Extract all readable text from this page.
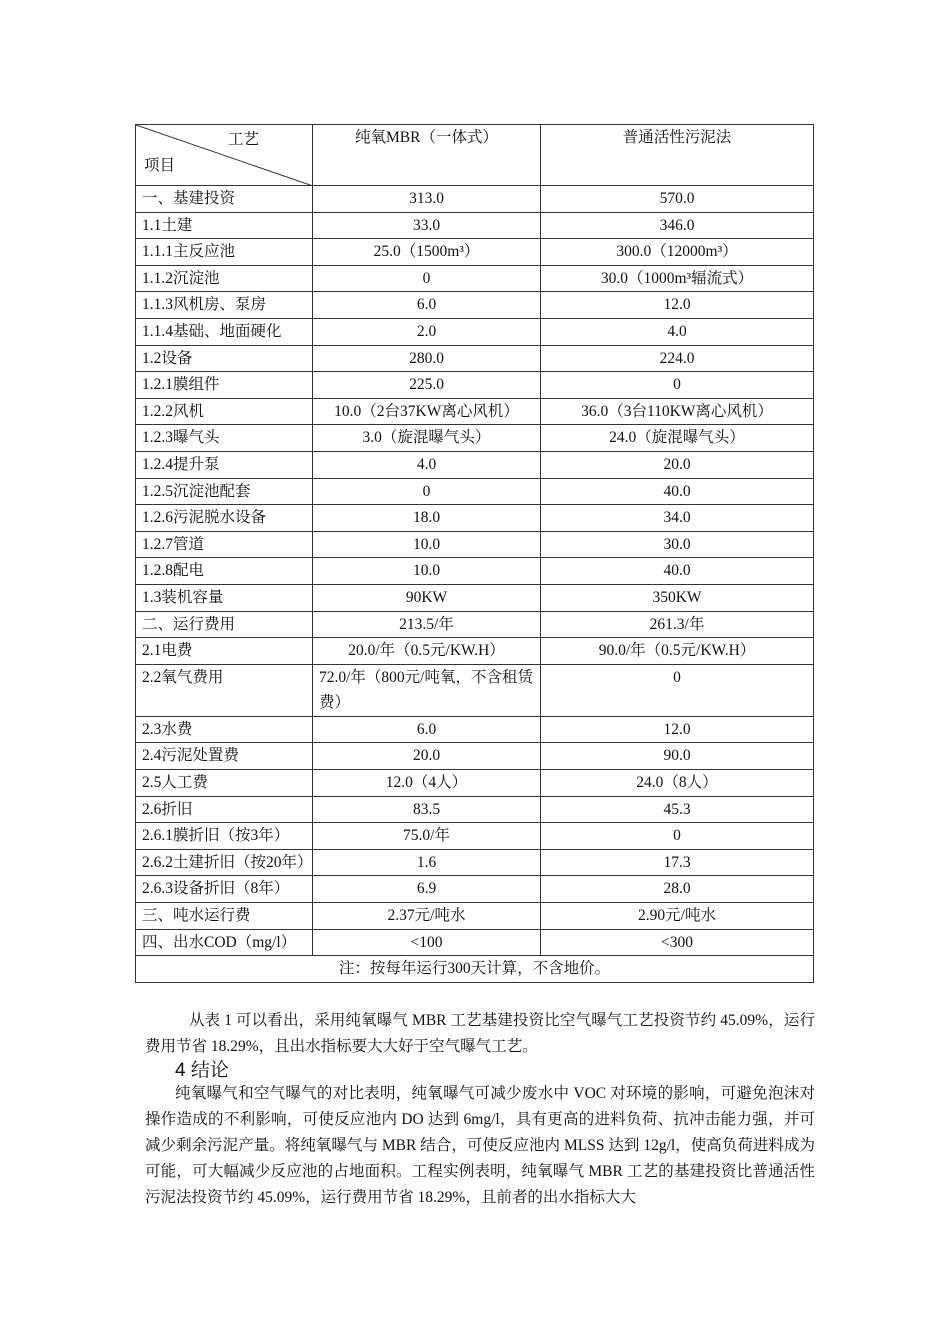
工艺
项目	纯氧MBR（一体式）	普通活性污泥法
一、基建投资	313.0	570.0
1.1土建	33.0	346.0
1.1.1主反应池	25.0（1500m³）	300.0（12000m³）
1.1.2沉淀池	0	30.0（1000m³辐流式）
1.1.3风机房、泵房	6.0	12.0
1.1.4基础、地面硬化	2.0	4.0
1.2设备	280.0	224.0
1.2.1膜组件	225.0	0
1.2.2风机	10.0（2台37KW离心风机）	36.0（3台110KW离心风机）
1.2.3曝气头	3.0（旋混曝气头）	24.0（旋混曝气头）
1.2.4提升泵	4.0	20.0
1.2.5沉淀池配套	0	40.0
1.2.6污泥脱水设备	18.0	34.0
1.2.7管道	10.0	30.0
1.2.8配电	10.0	40.0
1.3装机容量	90KW	350KW
二、运行费用	213.5/年	261.3/年
2.1电费	20.0/年（0.5元/KW.H）	90.0/年（0.5元/KW.H）
2.2氧气费用	72.0/年（800元/吨氧，不含租赁费）	0
2.3水费	6.0	12.0
2.4污泥处置费	20.0	90.0
2.5人工费	12.0（4人）	24.0（8人）
2.6折旧	83.5	45.3
2.6.1膜折旧（按3年）	75.0/年	0
2.6.2土建折旧（按20年）	1.6	17.3
2.6.3设备折旧（8年）	6.9	28.0
三、吨水运行费	2.37元/吨水	2.90元/吨水
四、出水COD（mg/l）	<100	<300
注：按每年运行300天计算，不含地价。		
从表 1 可以看出，采用纯氧曝气 MBR 工艺基建投资比空气曝气工艺投资节约 45.09%，运行费用节省 18.29%，且出水指标要大大好于空气曝气工艺。
4 结论
纯氧曝气和空气曝气的对比表明，纯氧曝气可减少废水中 VOC 对环境的影响，可避免泡沫对操作造成的不利影响，可使反应池内 DO 达到 6mg/l，具有更高的进料负荷、抗冲击能力强，并可减少剩余污泥产量。将纯氧曝气与 MBR 结合，可使反应池内 MLSS 达到 12g/l，使高负荷进料成为可能，可大幅减少反应池的占地面积。工程实例表明，纯氧曝气 MBR 工艺的基建投资比普通活性污泥法投资节约 45.09%，运行费用节省 18.29%，且前者的出水指标大大
